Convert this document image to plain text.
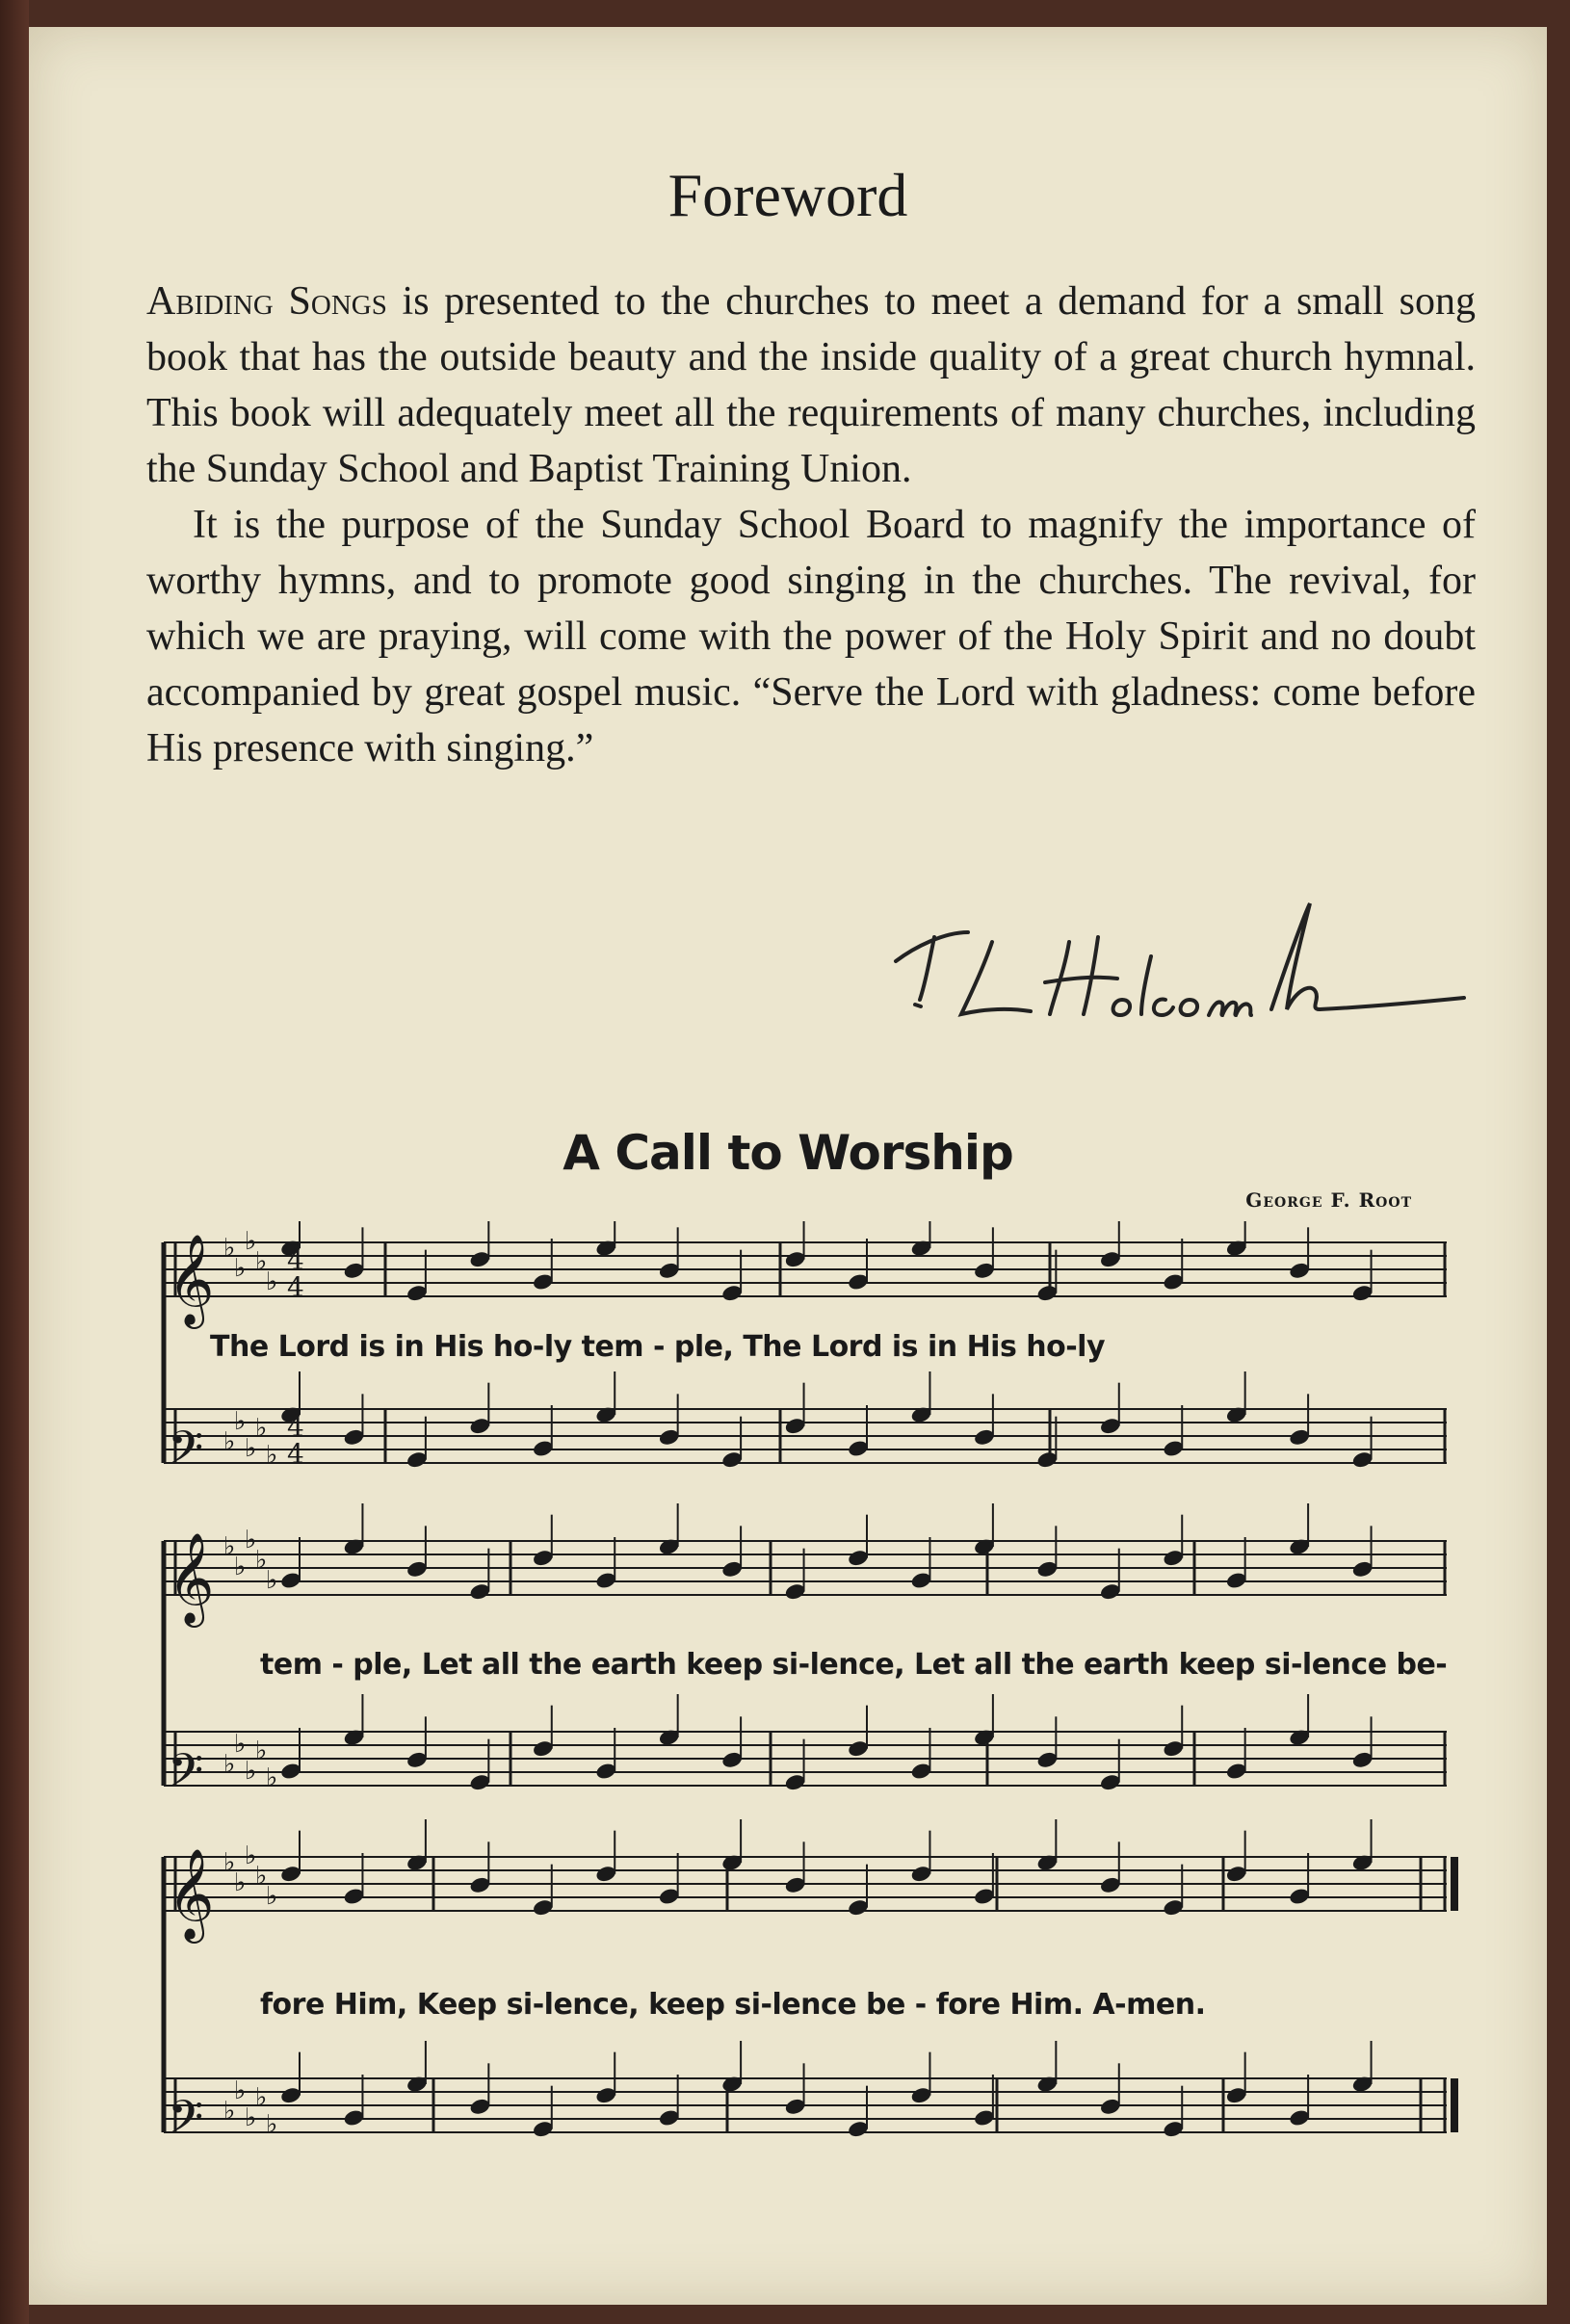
Foreword

Abiding Songs is presented to the churches to meet a demand for a small song book that has the outside beauty and the inside quality of a great church hymnal. This book will adequately meet all the requirements of many churches, including the Sunday School and Baptist Training Union.

It is the purpose of the Sunday School Board to magnify the importance of worthy hymns, and to promote good singing in the churches. The revival, for which we are praying, will come with the power of the Holy Spirit and no doubt accompanied by great gospel music. “Serve the Lord with gladness: come before His presence with singing.”

A Call to Worship
George F. Root
𝄞 ♭
♭
♭
♭
♭
𝄢 ♭
♭
♭
♭
♭
𝄞 ♭
♭
♭
♭
♭
𝄢 ♭
♭
♭
♭
♭
𝄞 ♭
♭
♭
♭
♭
𝄢 ♭
♭
♭
♭
♭
4
4
4
4
The Lord is in His ho-ly tem - ple, The Lord is in His ho-ly
tem - ple, Let all the earth keep si-lence, Let all the earth keep si-lence be-
fore Him, Keep si-lence, keep si-lence be - fore Him. A-men.
